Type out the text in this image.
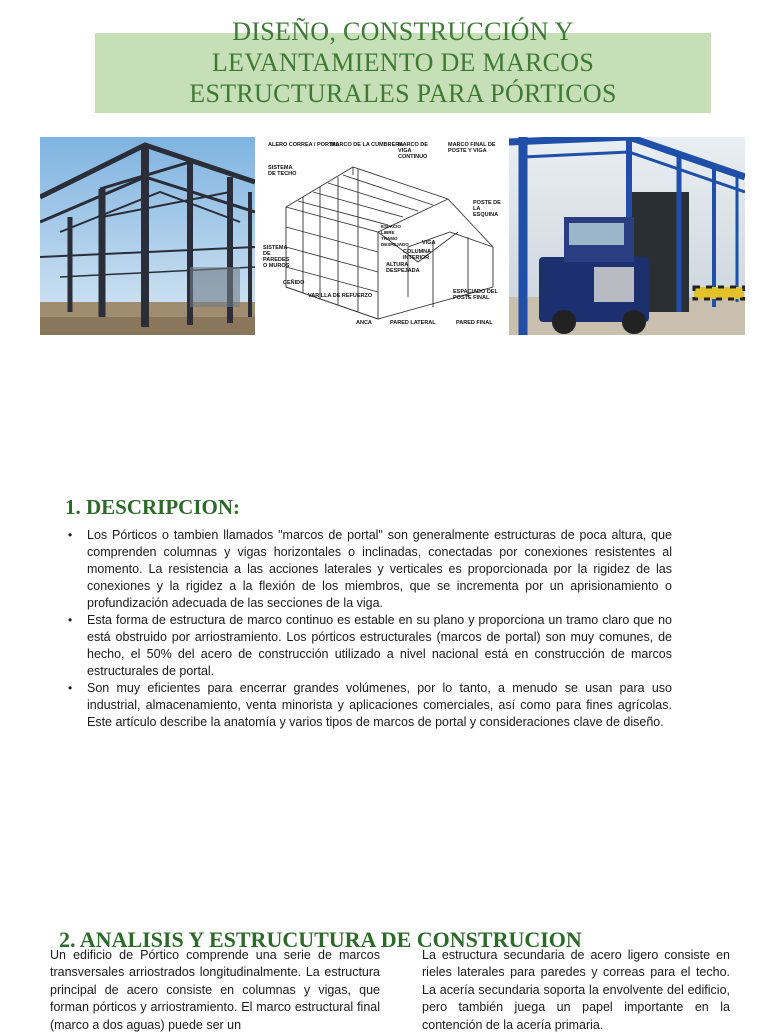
DISEÑO, CONSTRUCCIÓN Y
LEVANTAMIENTO DE MARCOS
ESTRUCTURALES PARA PÓRTICOS
ALERO CORREA / PORTAL
MARCO DE LA CUMBRERA
MARCO DE VIGA CONTINUO
MARCO FINAL DE POSTE Y VIGA
SISTEMA DE TECHO
POSTE DE LA ESQUINA
ESPACIO LIBRE TRAMO DESPEJADO VIGA
COLUMNA INTERIOR
ALTURA DESPEJADA
SISTEMA DE PAREDES O MUROS
CEÑIDO
VARILLA DE REFUERZO
ESPACIADO DEL POSTE FINAL
ANCA	PARED LATERAL	PARED FINAL
1. DESCRIPCION:
• Los Pórticos o tambien llamados "marcos de portal" son generalmente estructuras de poca altura, que comprenden columnas y vigas horizontales o inclinadas, conectadas por conexiones resistentes al momento. La resistencia a las acciones laterales y verticales es proporcionada por la rigidez de las conexiones y la rigidez a la flexión de los miembros, que se incrementa por un aprisionamiento o profundización adecuada de las secciones de la viga.
• Esta forma de estructura de marco continuo es estable en su plano y proporciona un tramo claro que no está obstruido por arriostramiento. Los pórticos estructurales (marcos de portal) son muy comunes, de hecho, el 50% del acero de construcción utilizado a nivel nacional está en construcción de marcos estructurales de portal.
• Son muy eficientes para encerrar grandes volúmenes, por lo tanto, a menudo se usan para uso industrial, almacenamiento, venta minorista y aplicaciones comerciales, así como para fines agrícolas. Este artículo describe la anatomía y varios tipos de marcos de portal y consideraciones clave de diseño.
2. ANALISIS Y ESTRUCUTURA DE CONSTRUCION
Un edificio de Pórtico comprende una serie de marcos transversales arriostrados longitudinalmente. La estructura principal de acero consiste en columnas y vigas, que forman pórticos y arriostramiento. El marco estructural final (marco a dos aguas) puede ser un
La estructura secundaria de acero ligero consiste en rieles laterales para paredes y correas para el techo. La acería secundaria soporta la envolvente del edificio, pero también juega un papel importante en la contención de la acería primaria.
